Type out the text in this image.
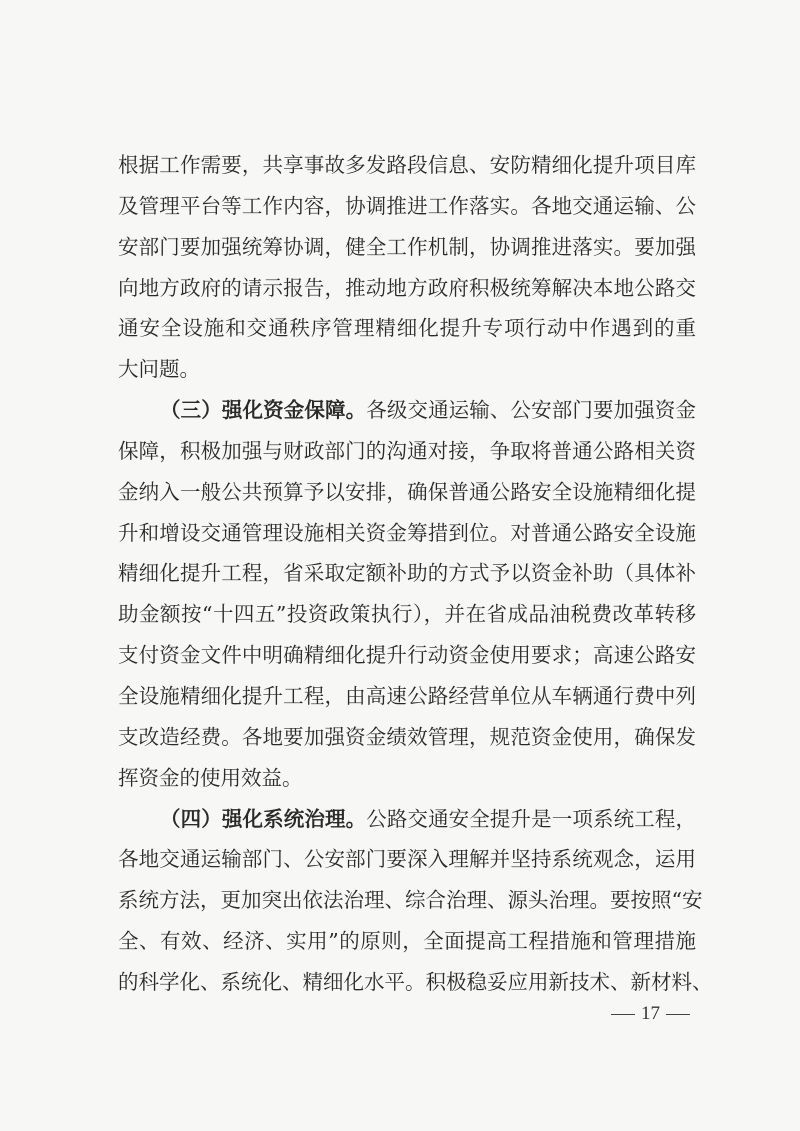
根据工作需要，共享事故多发路段信息、安防精细化提升项目库
及管理平台等工作内容，协调推进工作落实。各地交通运输、公
安部门要加强统筹协调，健全工作机制，协调推进落实。要加强
向地方政府的请示报告，推动地方政府积极统筹解决本地公路交
通安全设施和交通秩序管理精细化提升专项行动中作遇到的重
大问题。
（三）强化资金保障。各级交通运输、公安部门要加强资金
保障，积极加强与财政部门的沟通对接，争取将普通公路相关资
金纳入一般公共预算予以安排，确保普通公路安全设施精细化提
升和增设交通管理设施相关资金筹措到位。对普通公路安全设施
精细化提升工程，省采取定额补助的方式予以资金补助（具体补
助金额按“十四五”投资政策执行），并在省成品油税费改革转移
支付资金文件中明确精细化提升行动资金使用要求；高速公路安
全设施精细化提升工程，由高速公路经营单位从车辆通行费中列
支改造经费。各地要加强资金绩效管理，规范资金使用，确保发
挥资金的使用效益。
（四）强化系统治理。公路交通安全提升是一项系统工程，
各地交通运输部门、公安部门要深入理解并坚持系统观念，运用
系统方法，更加突出依法治理、综合治理、源头治理。要按照“安
全、有效、经济、实用”的原则，全面提高工程措施和管理措施
的科学化、系统化、精细化水平。积极稳妥应用新技术、新材料、
17
